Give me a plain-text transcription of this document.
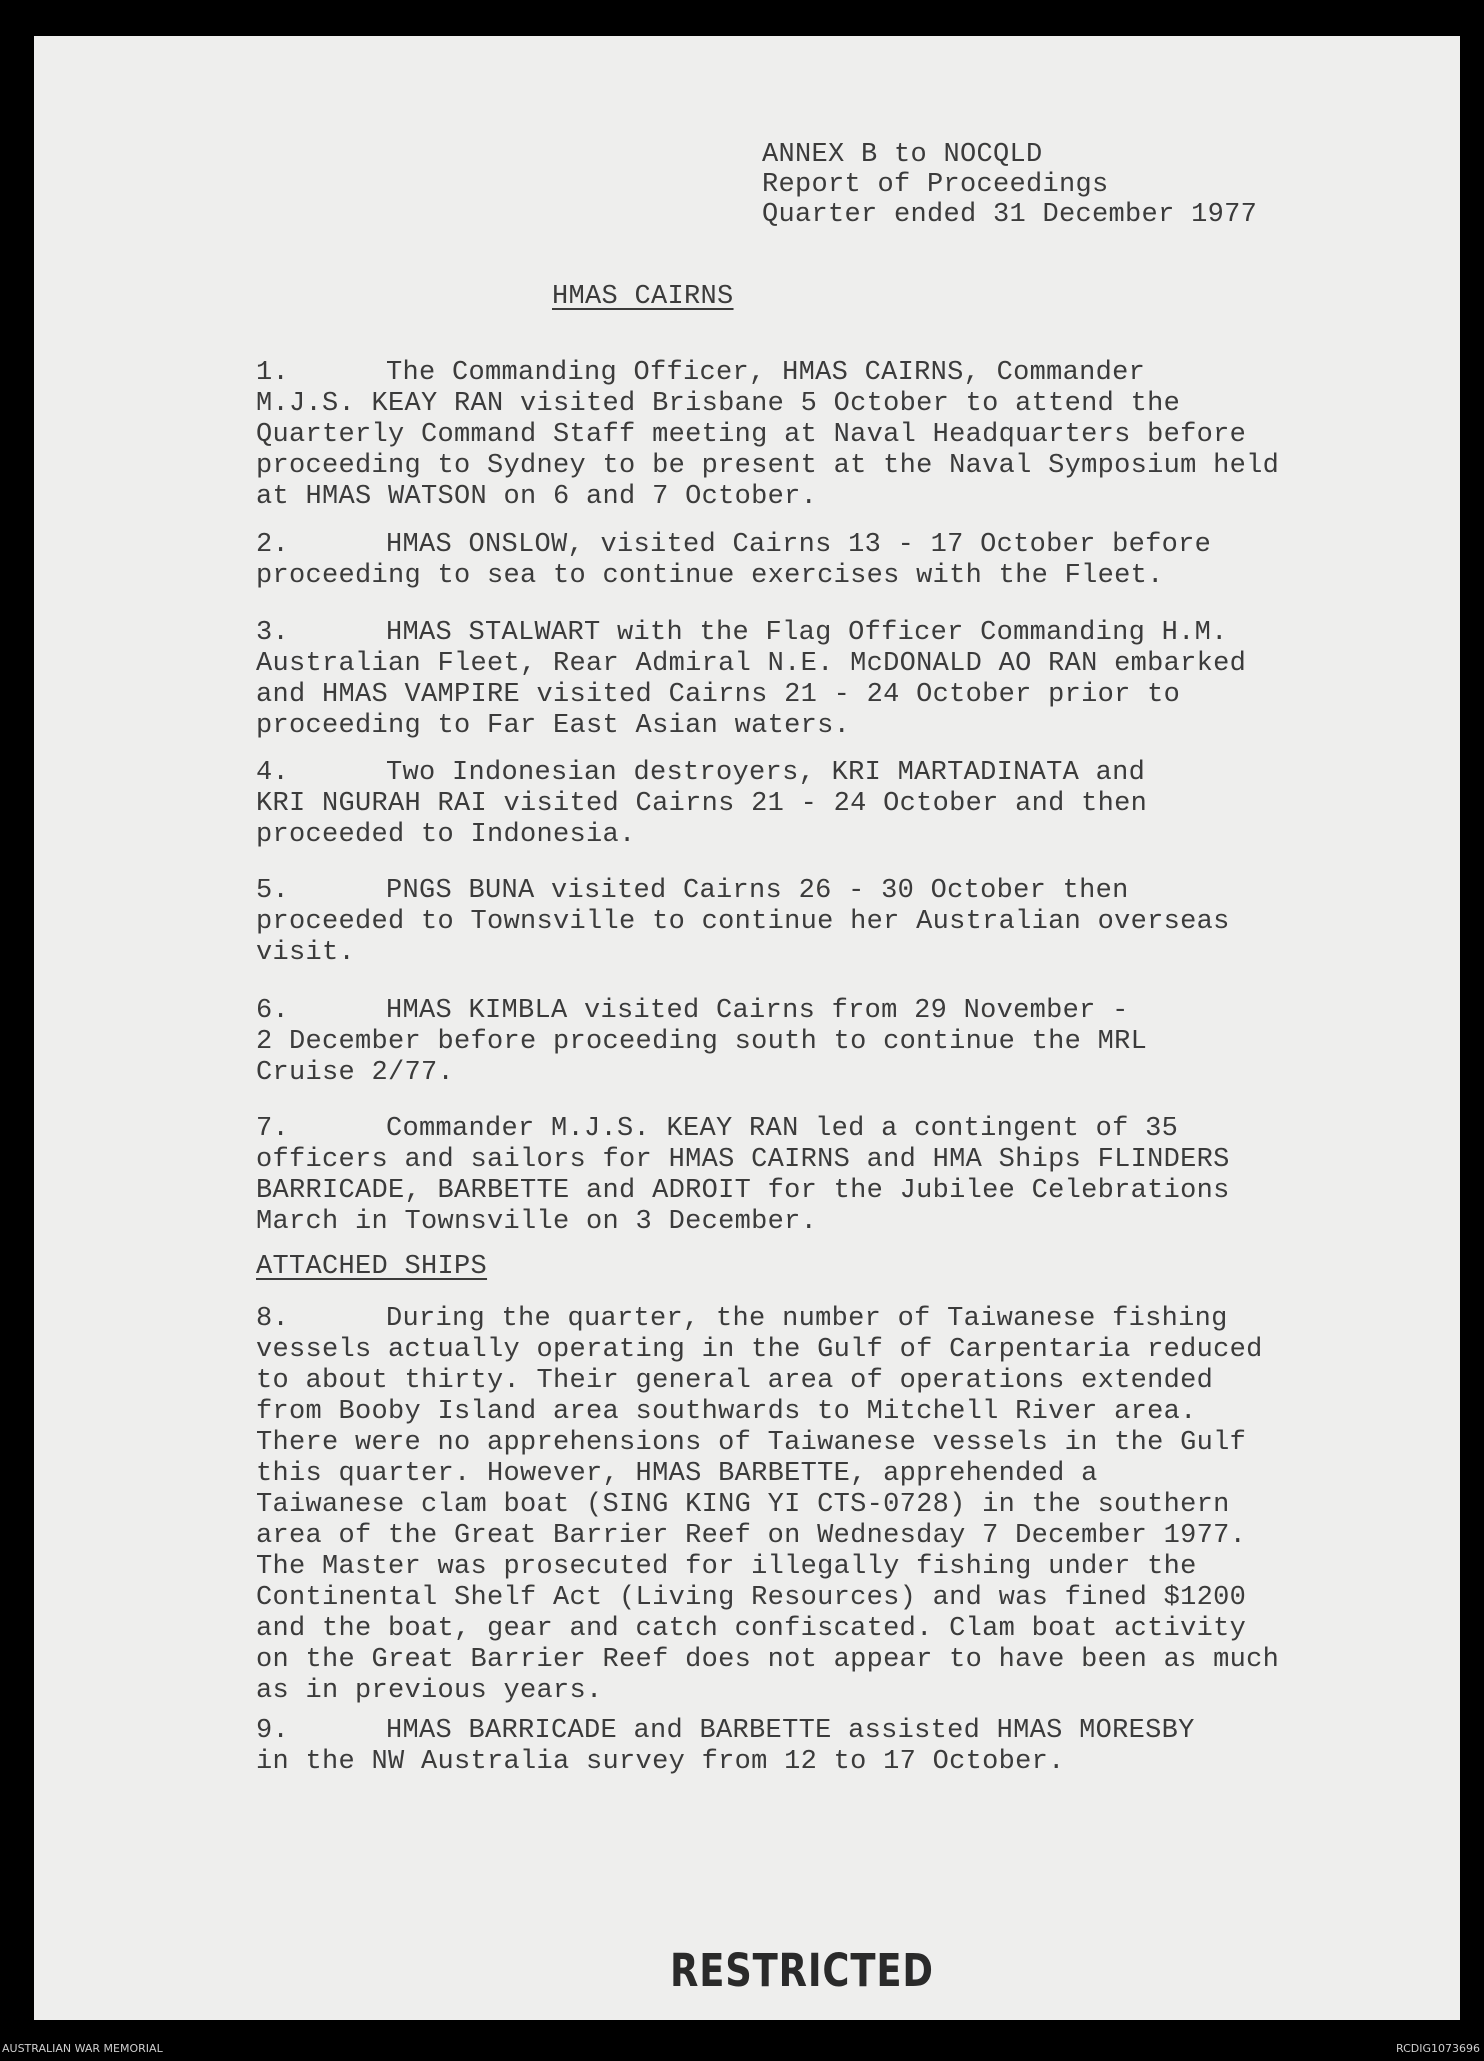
ANNEX B to NOCQLD
Report of Proceedings
Quarter ended 31 December 1977
HMAS CAIRNS

1.	The Commanding Officer, HMAS CAIRNS, Commander
M.J.S. KEAY RAN visited Brisbane 5 October to attend the
Quarterly Command Staff meeting at Naval Headquarters before
proceeding to Sydney to be present at the Naval Symposium held
at HMAS WATSON on 6 and 7 October.

2.	HMAS ONSLOW, visited Cairns 13 - 17 October before
proceeding to sea to continue exercises with the Fleet.

3.	HMAS STALWART with the Flag Officer Commanding H.M.
Australian Fleet, Rear Admiral N.E. McDONALD AO RAN embarked
and HMAS VAMPIRE visited Cairns 21 - 24 October prior to
proceeding to Far East Asian waters.

4.	Two Indonesian destroyers, KRI MARTADINATA and
KRI NGURAH RAI visited Cairns 21 - 24 October and then
proceeded to Indonesia.

5.	PNGS BUNA visited Cairns 26 - 30 October then
proceeded to Townsville to continue her Australian overseas
visit.

6.	HMAS KIMBLA visited Cairns from 29 November -
2 December before proceeding south to continue the MRL
Cruise 2/77.

7.	Commander M.J.S. KEAY RAN led a contingent of 35
officers and sailors for HMAS CAIRNS and HMA Ships FLINDERS
BARRICADE, BARBETTE and ADROIT for the Jubilee Celebrations
March in Townsville on 3 December.

ATTACHED SHIPS

8.	During the quarter, the number of Taiwanese fishing
vessels actually operating in the Gulf of Carpentaria reduced
to about thirty. Their general area of operations extended
from Booby Island area southwards to Mitchell River area.
There were no apprehensions of Taiwanese vessels in the Gulf
this quarter. However, HMAS BARBETTE, apprehended a
Taiwanese clam boat (SING KING YI CTS-0728) in the southern
area of the Great Barrier Reef on Wednesday 7 December 1977.
The Master was prosecuted for illegally fishing under the
Continental Shelf Act (Living Resources) and was fined $1200
and the boat, gear and catch confiscated. Clam boat activity
on the Great Barrier Reef does not appear to have been as much
as in previous years.

9.	HMAS BARRICADE and BARBETTE assisted HMAS MORESBY
in the NW Australia survey from 12 to 17 October.

RESTRICTED
AUSTRALIAN WAR MEMORIAL	RCDIG1073696
